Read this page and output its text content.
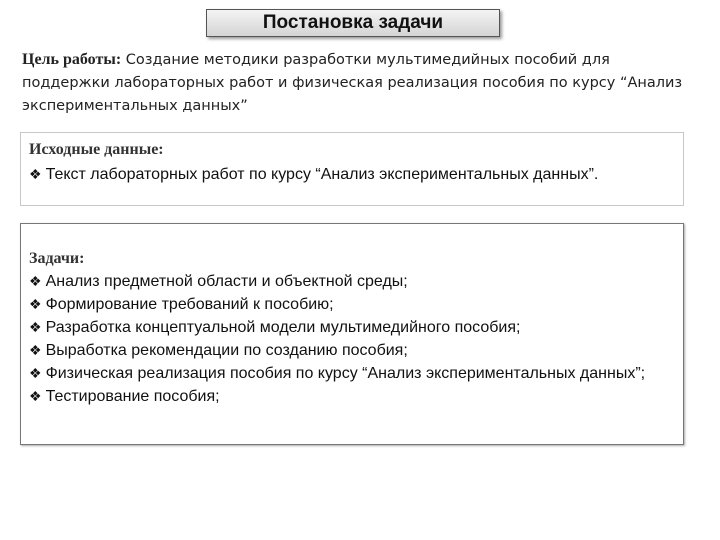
Постановка задачи
Цель работы: Создание методики разработки мультимедийных пособий для поддержки лабораторных работ и физическая реализация пособия по курсу “Анализ экспериментальных данных”
Исходные данные:
❖ Текст лабораторных работ по курсу “Анализ экспериментальных данных”.
Задачи:
❖ Анализ предметной области и объектной среды;
❖ Формирование требований к пособию;
❖ Разработка концептуальной модели мультимедийного пособия;
❖ Выработка рекомендации по созданию пособия;
❖ Физическая реализация пособия по курсу “Анализ экспериментальных данных”;
❖ Тестирование пособия;
